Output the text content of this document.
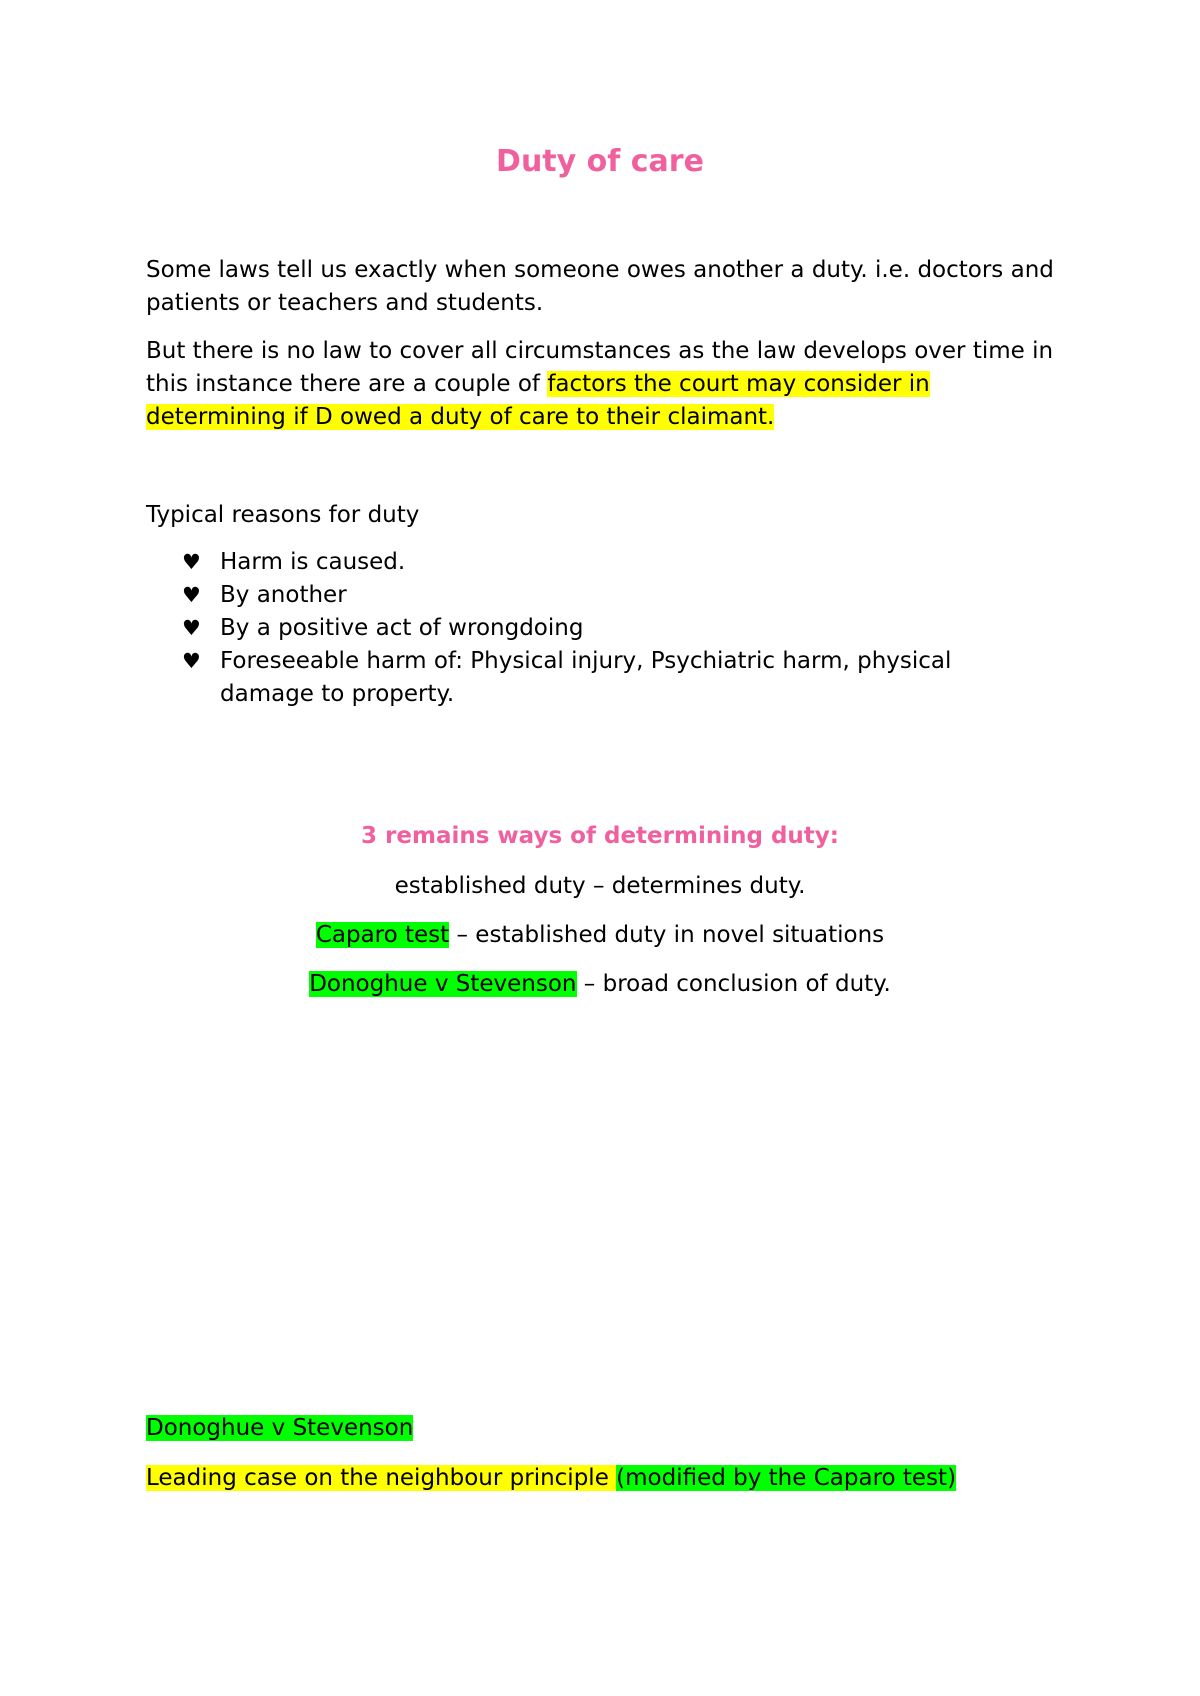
Duty of care

Some laws tell us exactly when someone owes another a duty. i.e. doctors and patients or teachers and students.

But there is no law to cover all circumstances as the law develops over time in this instance there are a couple of factors the court may consider in determining if D owed a duty of care to their claimant.

Typical reasons for duty

♥ Harm is caused.
♥ By another
♥ By a positive act of wrongdoing
♥ Foreseeable harm of: Physical injury, Psychiatric harm, physical damage to property.
3 remains ways of determining duty:
established duty – determines duty.
Caparo test – established duty in novel situations
Donoghue v Stevenson – broad conclusion of duty.

Donoghue v Stevenson

Leading case on the neighbour principle (modified by the Caparo test)
